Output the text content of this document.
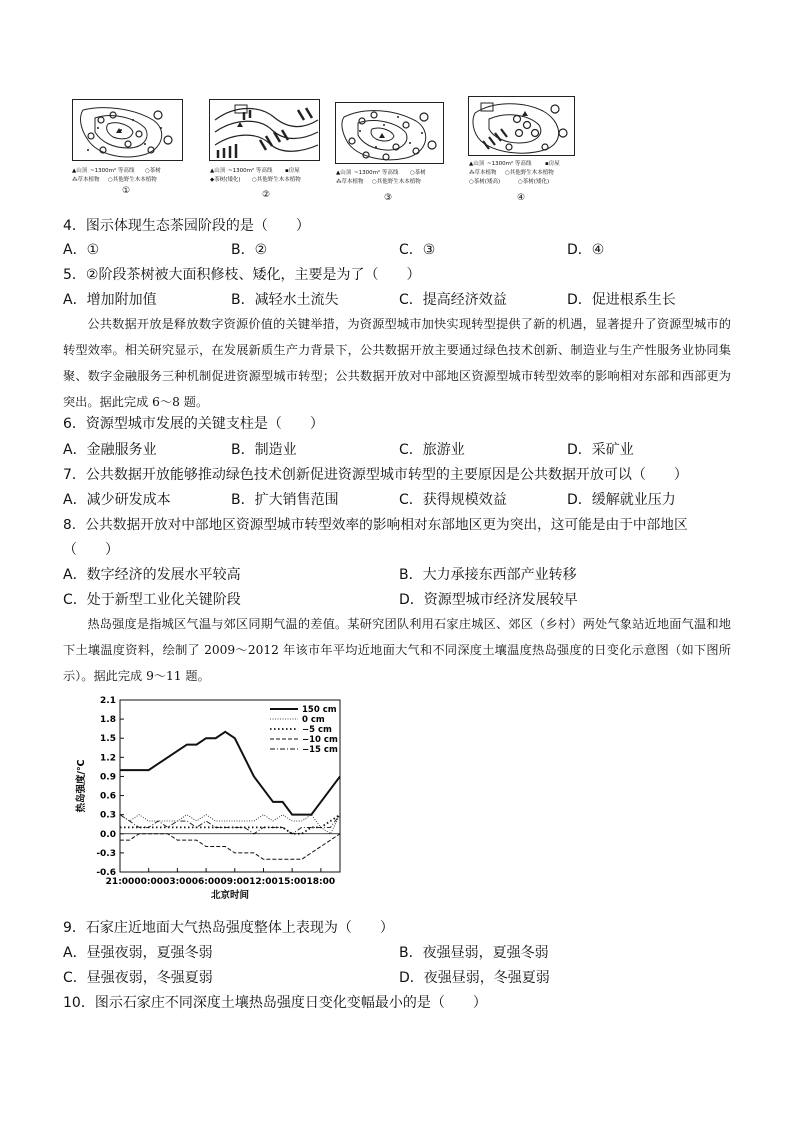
▲山顶 ~1300m² 等高线 ○茶树
⁂草本植物 ○其他野生木本植物
①
▲山顶 ~1300m² 等高线 ▪房屋
◆茶树(矮化) ○其他野生木本植物
②
▲山顶 ~1300m² 等高线 ○茶树
⁂草本植物 ○其他野生木本植物
③
▲山顶 ~1300m² 等高线 ▪房屋
⁂草本植物 ○其他野生木本植物
○茶树(矮高)	○茶树(矮化)
④
4．图示体现生态茶园阶段的是（　　）
A．①	B．②	C．③	D．④
5．②阶段茶树被大面积修枝、矮化，主要是为了（　　）
A．增加附加值	B．减轻水土流失	C．提高经济效益	D．促进根系生长
公共数据开放是释放数字资源价值的关键举措，为资源型城市加快实现转型提供了新的机遇，显著提升了资源型城市的转型效率。相关研究显示，在发展新质生产力背景下，公共数据开放主要通过绿色技术创新、制造业与生产性服务业协同集聚、数字金融服务三种机制促进资源型城市转型；公共数据开放对中部地区资源型城市转型效率的影响相对东部和西部更为突出。据此完成 6～8 题。
6．资源型城市发展的关键支柱是（　　）
A．金融服务业	B．制造业	C．旅游业	D．采矿业
7．公共数据开放能够推动绿色技术创新促进资源型城市转型的主要原因是公共数据开放可以（　　）
A．减少研发成本	B．扩大销售范围	C．获得规模效益	D．缓解就业压力
8．公共数据开放对中部地区资源型城市转型效率的影响相对东部地区更为突出，这可能是由于中部地区
（　　）
A．数字经济的发展水平较高	B．大力承接东西部产业转移
C．处于新型工业化关键阶段	D．资源型城市经济发展较早
热岛强度是指城区气温与郊区同期气温的差值。某研究团队利用石家庄城区、郊区（乡村）两处气象站近地面气温和地下土壤温度资料，绘制了 2009～2012 年该市年平均近地面大气和不同深度土壤温度热岛强度的日变化示意图（如下图所示）。据此完成 9～11 题。
-0.6
-0.3
0.0
0.3
0.6
0.9
1.2
1.5
1.8
2.1
21:00 00:00 03:00 06:00 09:00 12:00 15:00 18:00
北京时间
热岛强度/℃
150 cm
0 cm
−5 cm
−10 cm
−15 cm
9．石家庄近地面大气热岛强度整体上表现为（　　）
A．昼强夜弱，夏强冬弱	B．夜强昼弱，夏强冬弱
C．昼强夜弱，冬强夏弱	D．夜强昼弱，冬强夏弱
10．图示石家庄不同深度土壤热岛强度日变化变幅最小的是（　　）
